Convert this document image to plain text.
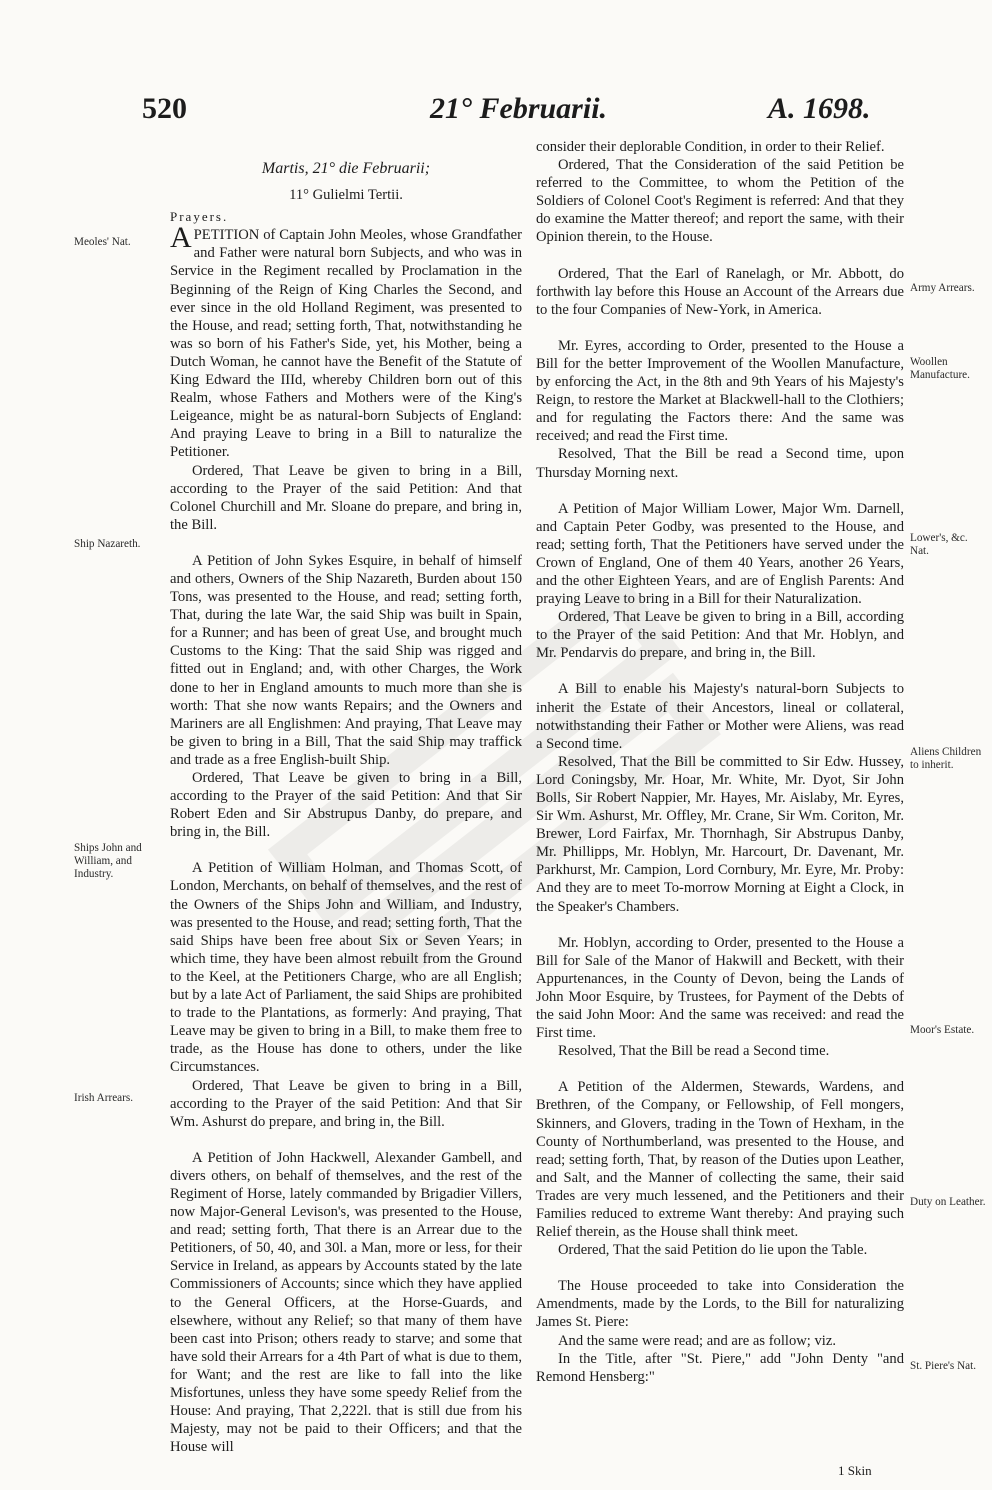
520	21° Februarii.	A. 1698.

Martis, 21° die Februarii;

11° Gulielmi Tertii.

Prayers.

APETITION of Captain John Meoles, whose Grandfather and Father were natural born Subjects, and who was in Service in the Regiment recalled by Proclamation in the Beginning of the Reign of King Charles the Second, and ever since in the old Holland Regiment, was presented to the House, and read; setting forth, That, notwithstanding he was so born of his Father's Side, yet, his Mother, being a Dutch Woman, he cannot have the Benefit of the Statute of King Edward the IIId, whereby Children born out of this Realm, whose Fathers and Mothers were of the King's Leigeance, might be as natural-born Subjects of England: And praying Leave to bring in a Bill to naturalize the Petitioner.

Ordered, That Leave be given to bring in a Bill, according to the Prayer of the said Petition: And that Colonel Churchill and Mr. Sloane do prepare, and bring in, the Bill.

A Petition of John Sykes Esquire, in behalf of himself and others, Owners of the Ship Nazareth, Burden about 150 Tons, was presented to the House, and read; setting forth, That, during the late War, the said Ship was built in Spain, for a Runner; and has been of great Use, and brought much Customs to the King: That the said Ship was rigged and fitted out in England; and, with other Charges, the Work done to her in England amounts to much more than she is worth: That she now wants Repairs; and the Owners and Mariners are all Englishmen: And praying, That Leave may be given to bring in a Bill, That the said Ship may traffick and trade as a free English-built Ship.

Ordered, That Leave be given to bring in a Bill, according to the Prayer of the said Petition: And that Sir Robert Eden and Sir Abstrupus Danby, do prepare, and bring in, the Bill.

A Petition of William Holman, and Thomas Scott, of London, Merchants, on behalf of themselves, and the rest of the Owners of the Ships John and William, and Industry, was presented to the House, and read; setting forth, That the said Ships have been free about Six or Seven Years; in which time, they have been almost rebuilt from the Ground to the Keel, at the Petitioners Charge, who are all English; but by a late Act of Parliament, the said Ships are prohibited to trade to the Plantations, as formerly: And praying, That Leave may be given to bring in a Bill, to make them free to trade, as the House has done to others, under the like Circumstances.

Ordered, That Leave be given to bring in a Bill, according to the Prayer of the said Petition: And that Sir Wm. Ashurst do prepare, and bring in, the Bill.

A Petition of John Hackwell, Alexander Gambell, and divers others, on behalf of themselves, and the rest of the Regiment of Horse, lately commanded by Brigadier Villers, now Major-General Levison's, was presented to the House, and read; setting forth, That there is an Arrear due to the Petitioners, of 50, 40, and 30l. a Man, more or less, for their Service in Ireland, as appears by Accounts stated by the late Commissioners of Accounts; since which they have applied to the General Officers, at the Horse-Guards, and elsewhere, without any Relief; so that many of them have been cast into Prison; others ready to starve; and some that have sold their Arrears for a 4th Part of what is due to them, for Want; and the rest are like to fall into the like Misfortunes, unless they have some speedy Relief from the House: And praying, That 2,222l. that is still due from his Majesty, may not be paid to their Officers; and that the House will

consider their deplorable Condition, in order to their Relief.

Ordered, That the Consideration of the said Petition be referred to the Committee, to whom the Petition of the Soldiers of Colonel Coot's Regiment is referred: And that they do examine the Matter thereof; and report the same, with their Opinion therein, to the House.

Ordered, That the Earl of Ranelagh, or Mr. Abbott, do forthwith lay before this House an Account of the Arrears due to the four Companies of New-York, in America.

Mr. Eyres, according to Order, presented to the House a Bill for the better Improvement of the Woollen Manufacture, by enforcing the Act, in the 8th and 9th Years of his Majesty's Reign, to restore the Market at Blackwell-hall to the Clothiers; and for regulating the Factors there: And the same was received; and read the First time.

Resolved, That the Bill be read a Second time, upon Thursday Morning next.

A Petition of Major William Lower, Major Wm. Darnell, and Captain Peter Godby, was presented to the House, and read; setting forth, That the Petitioners have served under the Crown of England, One of them 40 Years, another 26 Years, and the other Eighteen Years, and are of English Parents: And praying Leave to bring in a Bill for their Naturalization.

Ordered, That Leave be given to bring in a Bill, according to the Prayer of the said Petition: And that Mr. Hoblyn, and Mr. Pendarvis do prepare, and bring in, the Bill.

A Bill to enable his Majesty's natural-born Subjects to inherit the Estate of their Ancestors, lineal or collateral, notwithstanding their Father or Mother were Aliens, was read a Second time.

Resolved, That the Bill be committed to Sir Edw. Hussey, Lord Coningsby, Mr. Hoar, Mr. White, Mr. Dyot, Sir John Bolls, Sir Robert Nappier, Mr. Hayes, Mr. Aislaby, Mr. Eyres, Sir Wm. Ashurst, Mr. Offley, Mr. Crane, Sir Wm. Coriton, Mr. Brewer, Lord Fairfax, Mr. Thornhagh, Sir Abstrupus Danby, Mr. Phillipps, Mr. Hoblyn, Mr. Harcourt, Dr. Davenant, Mr. Parkhurst, Mr. Campion, Lord Cornbury, Mr. Eyre, Mr. Proby: And they are to meet To-morrow Morning at Eight a Clock, in the Speaker's Chambers.

Mr. Hoblyn, according to Order, presented to the House a Bill for Sale of the Manor of Hakwill and Beckett, with their Appurtenances, in the County of Devon, being the Lands of John Moor Esquire, by Trustees, for Payment of the Debts of the said John Moor: And the same was received: and read the First time.

Resolved, That the Bill be read a Second time.

A Petition of the Aldermen, Stewards, Wardens, and Brethren, of the Company, or Fellowship, of Fell mongers, Skinners, and Glovers, trading in the Town of Hexham, in the County of Northumberland, was presented to the House, and read; setting forth, That, by reason of the Duties upon Leather, and Salt, and the Manner of collecting the same, their said Trades are very much lessened, and the Petitioners and their Families reduced to extreme Want thereby: And praying such Relief therein, as the House shall think meet.

Ordered, That the said Petition do lie upon the Table.

The House proceeded to take into Consideration the Amendments, made by the Lords, to the Bill for naturalizing James St. Piere:

And the same were read; and are as follow; viz.

In the Title, after "St. Piere," add "John Denty "and Remond Hensberg:"

Meoles' Nat.
Ship Nazareth.
Ships John and William, and Industry.
Irish Arrears.
Army Arrears.
Woollen Manufacture.
Lower's, &c. Nat.
Aliens Children to inherit.
Moor's Estate.
Duty on Leather.
St. Piere's Nat.
1 Skin
